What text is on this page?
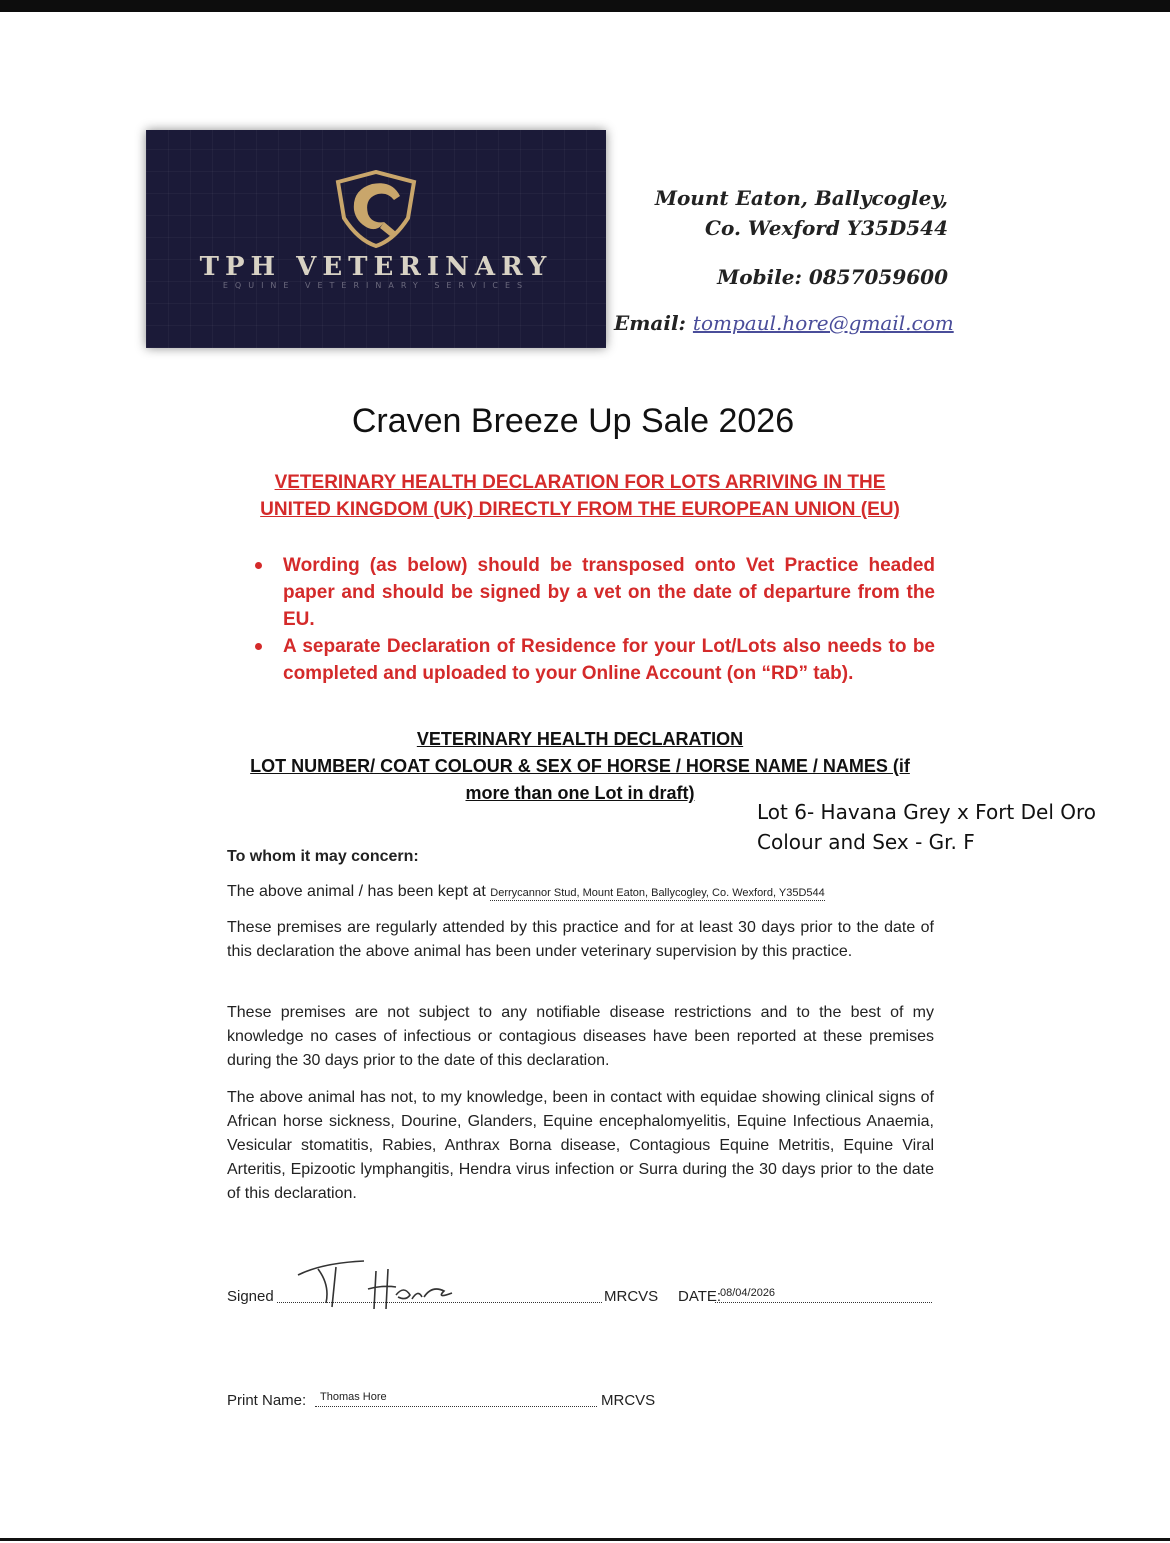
TPH VETERINARY
EQUINE VETERINARY SERVICES
Mount Eaton, Ballycogley,
Co. Wexford Y35D544
Mobile: 0857059600
Email: tompaul.hore@gmail.com
Craven Breeze Up Sale 2026
VETERINARY HEALTH DECLARATION FOR LOTS ARRIVING IN THE
UNITED KINGDOM (UK) DIRECTLY FROM THE EUROPEAN UNION (EU)
Wording (as below) should be transposed onto Vet Practice headed paper and should be signed by a vet on the date of departure from the EU.
A separate Declaration of Residence for your Lot/Lots also needs to be completed and uploaded to your Online Account (on “RD” tab).
VETERINARY HEALTH DECLARATION
LOT NUMBER/ COAT COLOUR & SEX OF HORSE / HORSE NAME / NAMES (if
more than one Lot in draft)
Lot 6- Havana Grey x Fort Del Oro
Colour and Sex - Gr. F
To whom it may concern:
The above animal / has been kept at Derrycannor Stud, Mount Eaton, Ballycogley, Co. Wexford, Y35D544
These premises are regularly attended by this practice and for at least 30 days prior to the date of this declaration the above animal has been under veterinary supervision by this practice.
These premises are not subject to any notifiable disease restrictions and to the best of my knowledge no cases of infectious or contagious diseases have been reported at these premises during the 30 days prior to the date of this declaration.
The above animal has not, to my knowledge, been in contact with equidae showing clinical signs of African horse sickness, Dourine, Glanders, Equine encephalomyelitis, Equine Infectious Anaemia, Vesicular stomatitis, Rabies, Anthrax Borna disease, Contagious Equine Metritis, Equine Viral Arteritis, Epizootic lymphangitis, Hendra virus infection or Surra during the 30 days prior to the date of this declaration.
Signed	MRCVS DATE:
08/04/2026
Print Name: Thomas Hore	MRCVS
